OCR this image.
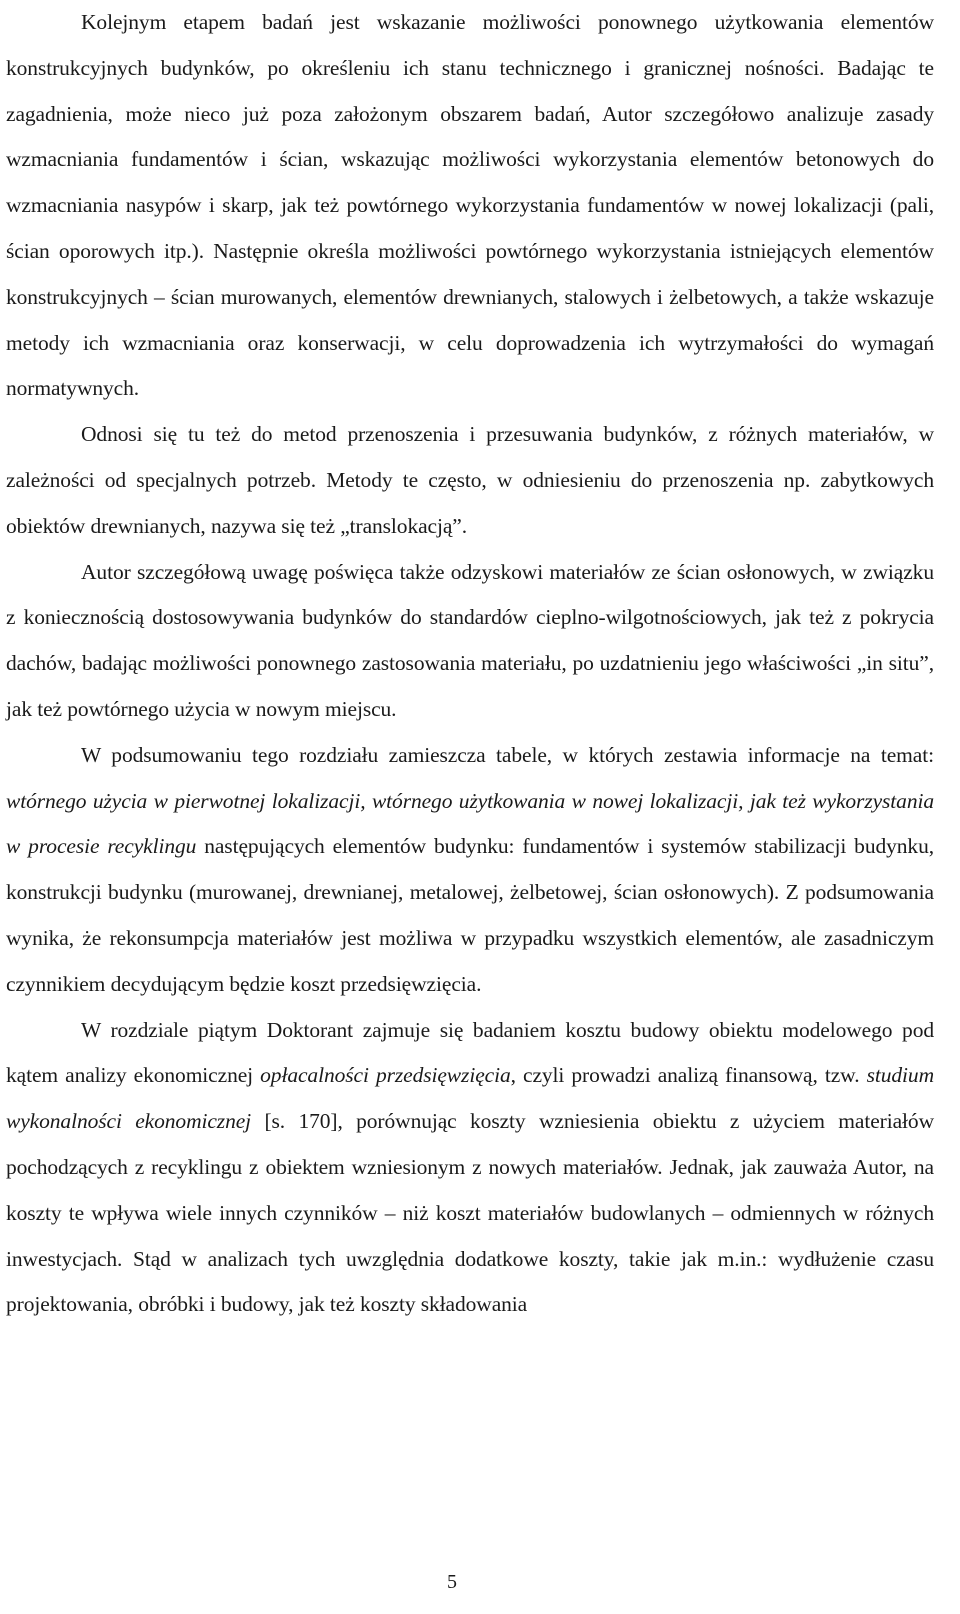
Kolejnym etapem badań jest wskazanie możliwości ponownego użytkowania elementów konstrukcyjnych budynków, po określeniu ich stanu technicznego i granicznej nośności. Badając te zagadnienia, może nieco już poza założonym obszarem badań, Autor szczegółowo analizuje zasady wzmacniania fundamentów i ścian, wskazując możliwości wykorzystania elementów betonowych do wzmacniania nasypów i skarp, jak też powtórnego wykorzystania fundamentów w nowej lokalizacji (pali, ścian oporowych itp.). Następnie określa możliwości powtórnego wykorzystania istniejących elementów konstrukcyjnych – ścian murowanych, elementów drewnianych, stalowych i żelbetowych, a także wskazuje metody ich wzmacniania oraz konserwacji, w celu doprowadzenia ich wytrzymałości do wymagań normatywnych.

Odnosi się tu też do metod przenoszenia i przesuwania budynków, z różnych materiałów, w zależności od specjalnych potrzeb. Metody te często, w odniesieniu do przenoszenia np. zabytkowych obiektów drewnianych, nazywa się też „translokacją”.

Autor szczegółową uwagę poświęca także odzyskowi materiałów ze ścian osłonowych, w związku z koniecznością dostosowywania budynków do standardów cieplno-wilgotnościowych, jak też z pokrycia dachów, badając możliwości ponownego zastosowania materiału, po uzdatnieniu jego właściwości „in situ”, jak też powtórnego użycia w nowym miejscu.

W podsumowaniu tego rozdziału zamieszcza tabele, w których zestawia informacje na temat: wtórnego użycia w pierwotnej lokalizacji, wtórnego użytkowania w nowej lokalizacji, jak też wykorzystania w procesie recyklingu następujących elementów budynku: fundamentów i systemów stabilizacji budynku, konstrukcji budynku (murowanej, drewnianej, metalowej, żelbetowej, ścian osłonowych). Z podsumowania wynika, że rekonsumpcja materiałów jest możliwa w przypadku wszystkich elementów, ale zasadniczym czynnikiem decydującym będzie koszt przedsięwzięcia.

W rozdziale piątym Doktorant zajmuje się badaniem kosztu budowy obiektu modelowego pod kątem analizy ekonomicznej opłacalności przedsięwzięcia, czyli prowadzi analizą finansową, tzw. studium wykonalności ekonomicznej [s. 170], porównując koszty wzniesienia obiektu z użyciem materiałów pochodzących z recyklingu z obiektem wzniesionym z nowych materiałów. Jednak, jak zauważa Autor, na koszty te wpływa wiele innych czynników – niż koszt materiałów budowlanych – odmiennych w różnych inwestycjach. Stąd w analizach tych uwzględnia dodatkowe koszty, takie jak m.in.: wydłużenie czasu projektowania, obróbki i budowy, jak też koszty składowania

5
